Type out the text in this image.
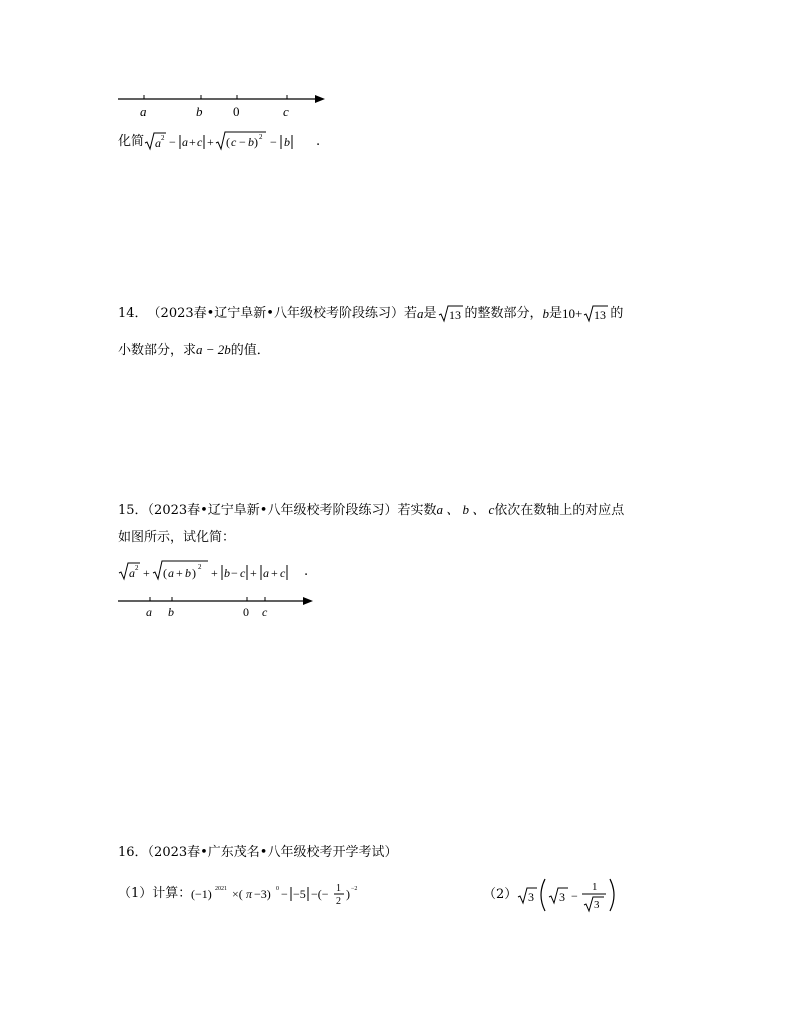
a	b 0	c
化简 a 2 − a + c + ( c − b ) 2 − b .
14． （2023春•辽宁阜新•八年级校考阶段练习） 若 a 是 13 的整数部分， b 是 10+ 13 的
小数部分，求a − 2b的值．
15．（2023春•辽宁阜新•八年级校考阶段练习）若实数a 、 b 、 c依次在数轴上的对应点
如图所示，试化简：
a 2 + ( a + b ) 2 + b − c + a + c .
a b	0 c
16．（2023春•广东茂名•八年级校考开学考试）
（1）计算： (−1) 2021 ×( π −3) 0 − −5 −(− 1
2
) −2	（2） 3 3 −
1
3
